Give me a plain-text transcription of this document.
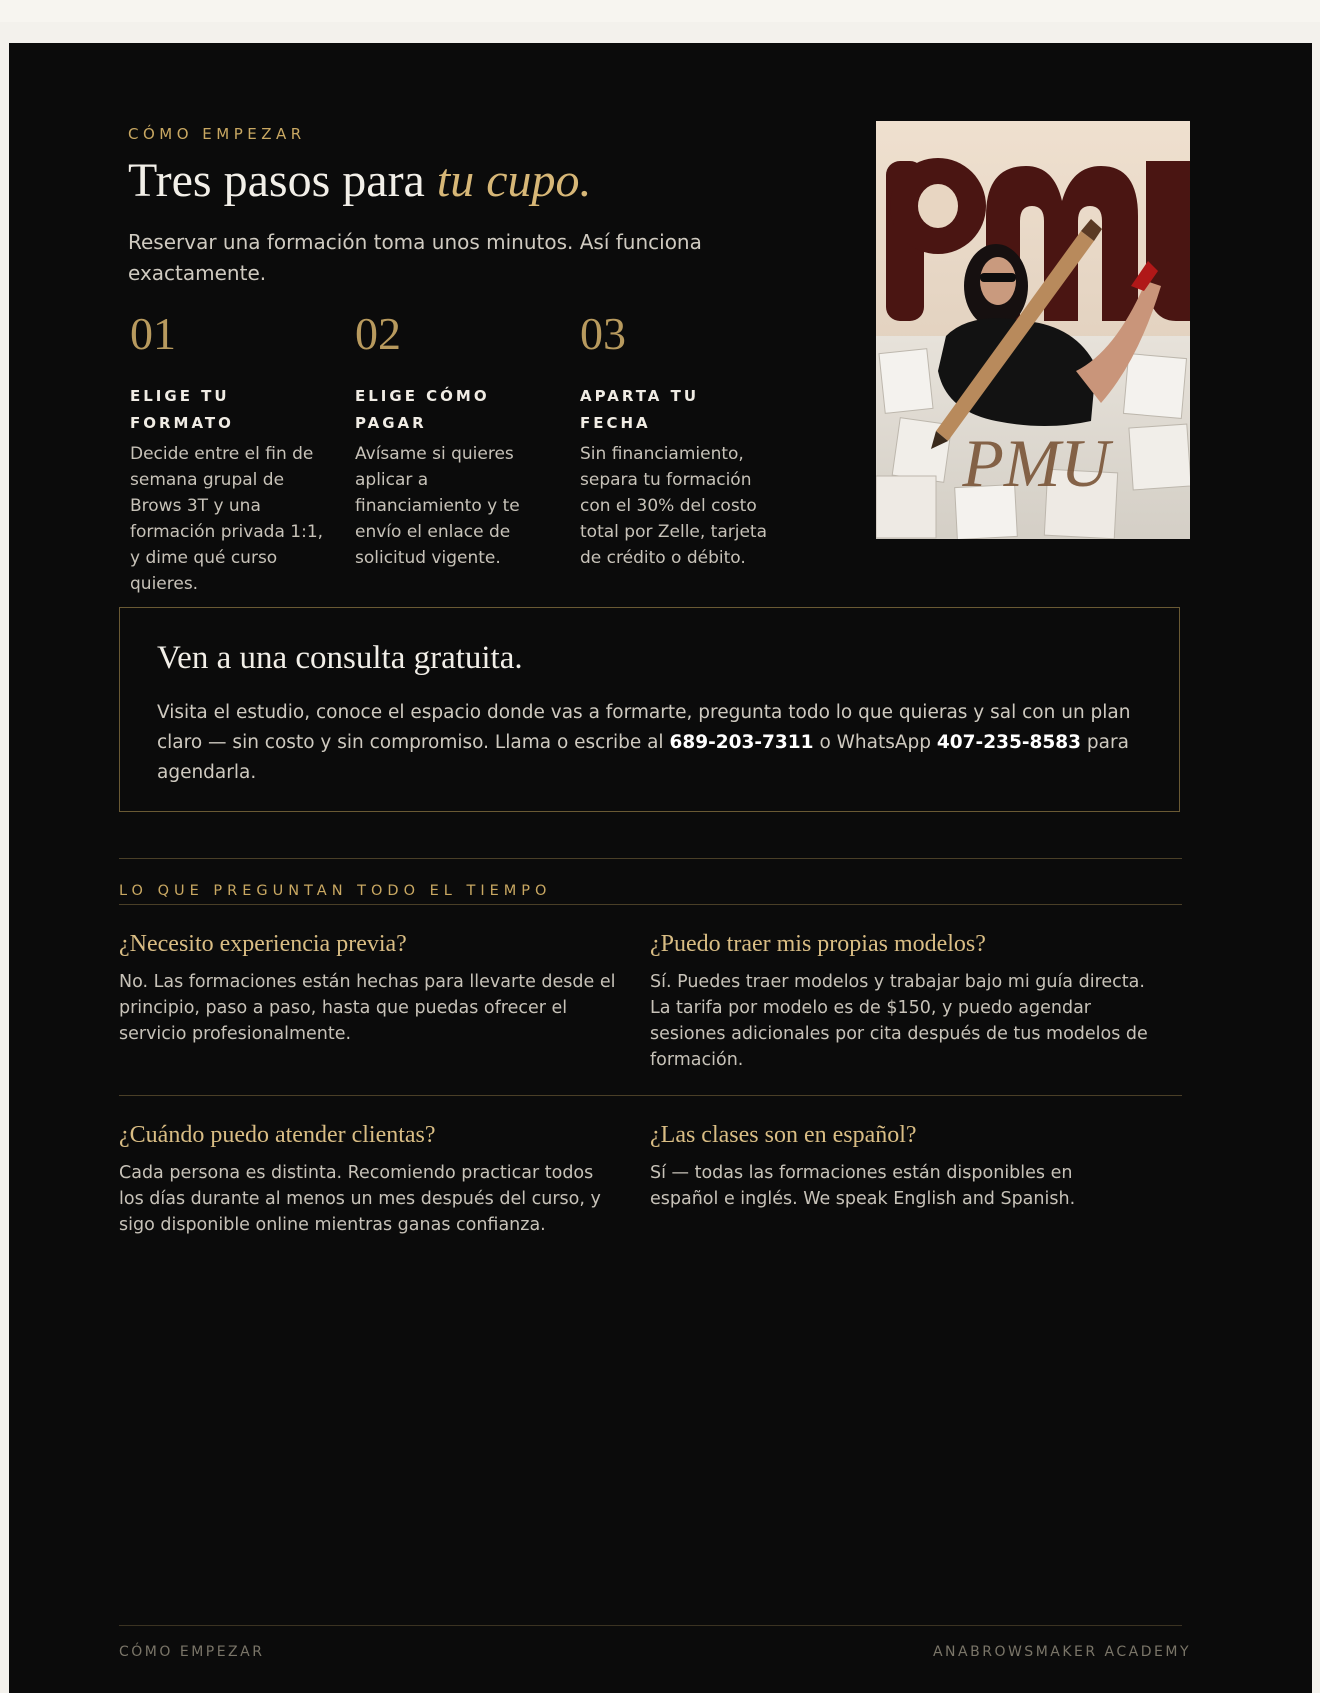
CÓMO EMPEZAR

Tres pasos para tu cupo.

Reservar una formación toma unos minutos. Así funciona exactamente.

01

ELIGE TU FORMATO

Decide entre el fin de semana grupal de Brows 3T y una formación privada 1:1, y dime qué curso quieres.

02

ELIGE CÓMO PAGAR

Avísame si quieres aplicar a financiamiento y te envío el enlace de solicitud vigente.

03

APARTA TU FECHA

Sin financiamiento, separa tu formación con el 30% del costo total por Zelle, tarjeta de crédito o débito.

PMU
Ven a una consulta gratuita.

Visita el estudio, conoce el espacio donde vas a formarte, pregunta todo lo que quieras y sal con un plan claro — sin costo y sin compromiso. Llama o escribe al 689-203-7311 o WhatsApp 407-235-8583 para agendarla.

LO QUE PREGUNTAN TODO EL TIEMPO

¿Necesito experiencia previa?

No. Las formaciones están hechas para llevarte desde el principio, paso a paso, hasta que puedas ofrecer el servicio profesionalmente.

¿Puedo traer mis propias modelos?

Sí. Puedes traer modelos y trabajar bajo mi guía directa. La tarifa por modelo es de $150, y puedo agendar sesiones adicionales por cita después de tus modelos de formación.

¿Cuándo puedo atender clientas?

Cada persona es distinta. Recomiendo practicar todos los días durante al menos un mes después del curso, y sigo disponible online mientras ganas confianza.

¿Las clases son en español?

Sí — todas las formaciones están disponibles en español e inglés. We speak English and Spanish.

CÓMO EMPEZAR	ANABROWSMAKER ACADEMY
